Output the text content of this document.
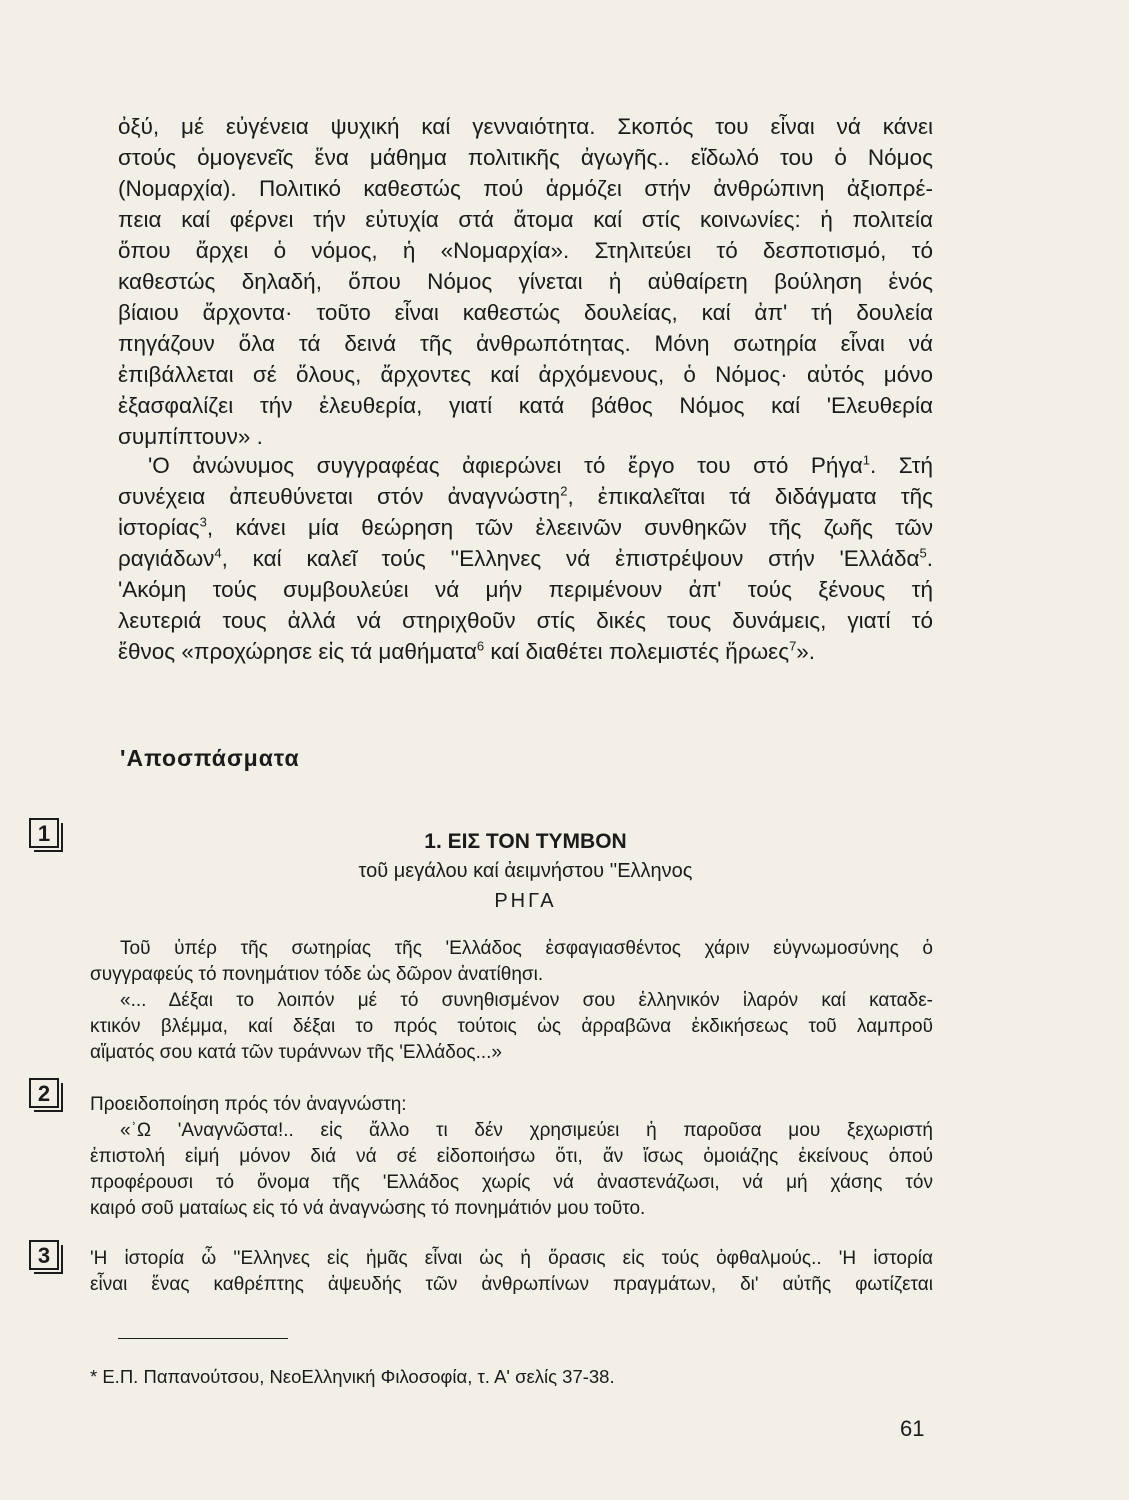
ὀξύ, μέ εὐγένεια ψυχική καί γενναιότητα. Σκοπός του εἶναι νά κάνει
στούς ὁμογενεῖς ἕνα μάθημα πολιτικῆς ἀγωγῆς.. εἴδωλό του ὁ Νόμος
(Νομαρχία). Πολιτικό καθεστώς πού ἁρμόζει στήν ἀνθρώπινη ἀξιοπρέ-
πεια καί φέρνει τήν εὐτυχία στά ἄτομα καί στίς κοινωνίες: ἡ πολιτεία
ὅπου ἄρχει ὁ νόμος, ἡ «Νομαρχία». Στηλιτεύει τό δεσποτισμό, τό
καθεστώς δηλαδή, ὅπου Νόμος γίνεται ἡ αὐθαίρετη βούληση ἑνός
βίαιου ἄρχοντα· τοῦτο εἶναι καθεστώς δουλείας, καί ἀπ' τή δουλεία
πηγάζουν ὅλα τά δεινά τῆς ἀνθρωπότητας. Μόνη σωτηρία εἶναι νά
ἐπιβάλλεται σέ ὅλους, ἄρχοντες καί ἀρχόμενους, ὁ Νόμος· αὐτός μόνο
ἐξασφαλίζει τήν ἐλευθερία, γιατί κατά βάθος Νόμος καί 'Ελευθερία
συμπίπτουν» .
'Ο ἀνώνυμος συγγραφέας ἀφιερώνει τό ἔργο του στό Ρήγα$^1$. Στή
συνέχεια ἀπευθύνεται στόν ἀναγνώστη$^2$, ἐπικαλεῖται τά διδάγματα τῆς
ἱστορίας$^3$, κάνει μία θεώρηση τῶν ἐλεεινῶν συνθηκῶν τῆς ζωῆς τῶν
ραγιάδων$^4$, καί καλεῖ τούς ''Ελληνες νά ἐπιστρέψουν στήν 'Ελλάδα$^5$.
'Ακόμη τούς συμβουλεύει νά μήν περιμένουν ἀπ' τούς ξένους τή
λευτεριά τους ἀλλά νά στηριχθοῦν στίς δικές τους δυνάμεις, γιατί τό
ἔθνος «προχώρησε εἰς τά μαθήματα$^6$ καί διαθέτει πολεμιστές ἥρωες$^7$».
'Αποσπάσματα
1	1. ΕΙΣ ΤΟΝ ΤΥΜΒΟΝ
τοῦ μεγάλου καί ἀειμνήστου ''Ελληνος
ΡΗΓΑ
Τοῦ ὑπέρ τῆς σωτηρίας τῆς 'Ελλάδος ἐσφαγιασθέντος χάριν εὐγνωμοσύνης ὁ
συγγραφεύς τό πονημάτιον τόδε ὡς δῶρον ἀνατίθησι.
«... Δέξαι το λοιπόν μέ τό συνηθισμένον σου ἑλληνικόν ἱλαρόν καί καταδε-
κτικόν βλέμμα, καί δέξαι το πρός τούτοις ὡς ἀρραβῶνα ἐκδικήσεως τοῦ λαμπροῦ
αἵματός σου κατά τῶν τυράννων τῆς 'Ελλάδος...»
2	Προειδοποίηση πρός τόν ἀναγνώστη:
«ʾΩ 'Αναγνῶστα!.. εἰς ἄλλο τι δέν χρησιμεύει ἡ παροῦσα μου ξεχωριστή
ἐπιστολή εἰμή μόνον διά νά σέ εἰδοποιήσω ὅτι, ἄν ἴσως ὁμοιάζης ἐκείνους ὁπού
προφέρουσι τό ὄνομα τῆς 'Ελλάδος χωρίς νά ἀναστενάζωσι, νά μή χάσης τόν
καιρό σοῦ ματαίως εἰς τό νά ἀναγνώσης τό πονημάτιόν μου τοῦτο.
3	'Η ἱστορία ὦ ''Ελληνες εἰς ἡμᾶς εἶναι ὡς ἡ ὅρασις εἰς τούς ὀφθαλμούς.. 'Η ἱστορία
εἶναι ἕνας καθρέπτης ἀψευδής τῶν ἀνθρωπίνων πραγμάτων, δι' αὐτῆς φωτίζεται
* Ε.Π. Παπανούτσου, ΝεοΕλληνική Φιλοσοφία, τ. Α' σελίς 37-38.
61
